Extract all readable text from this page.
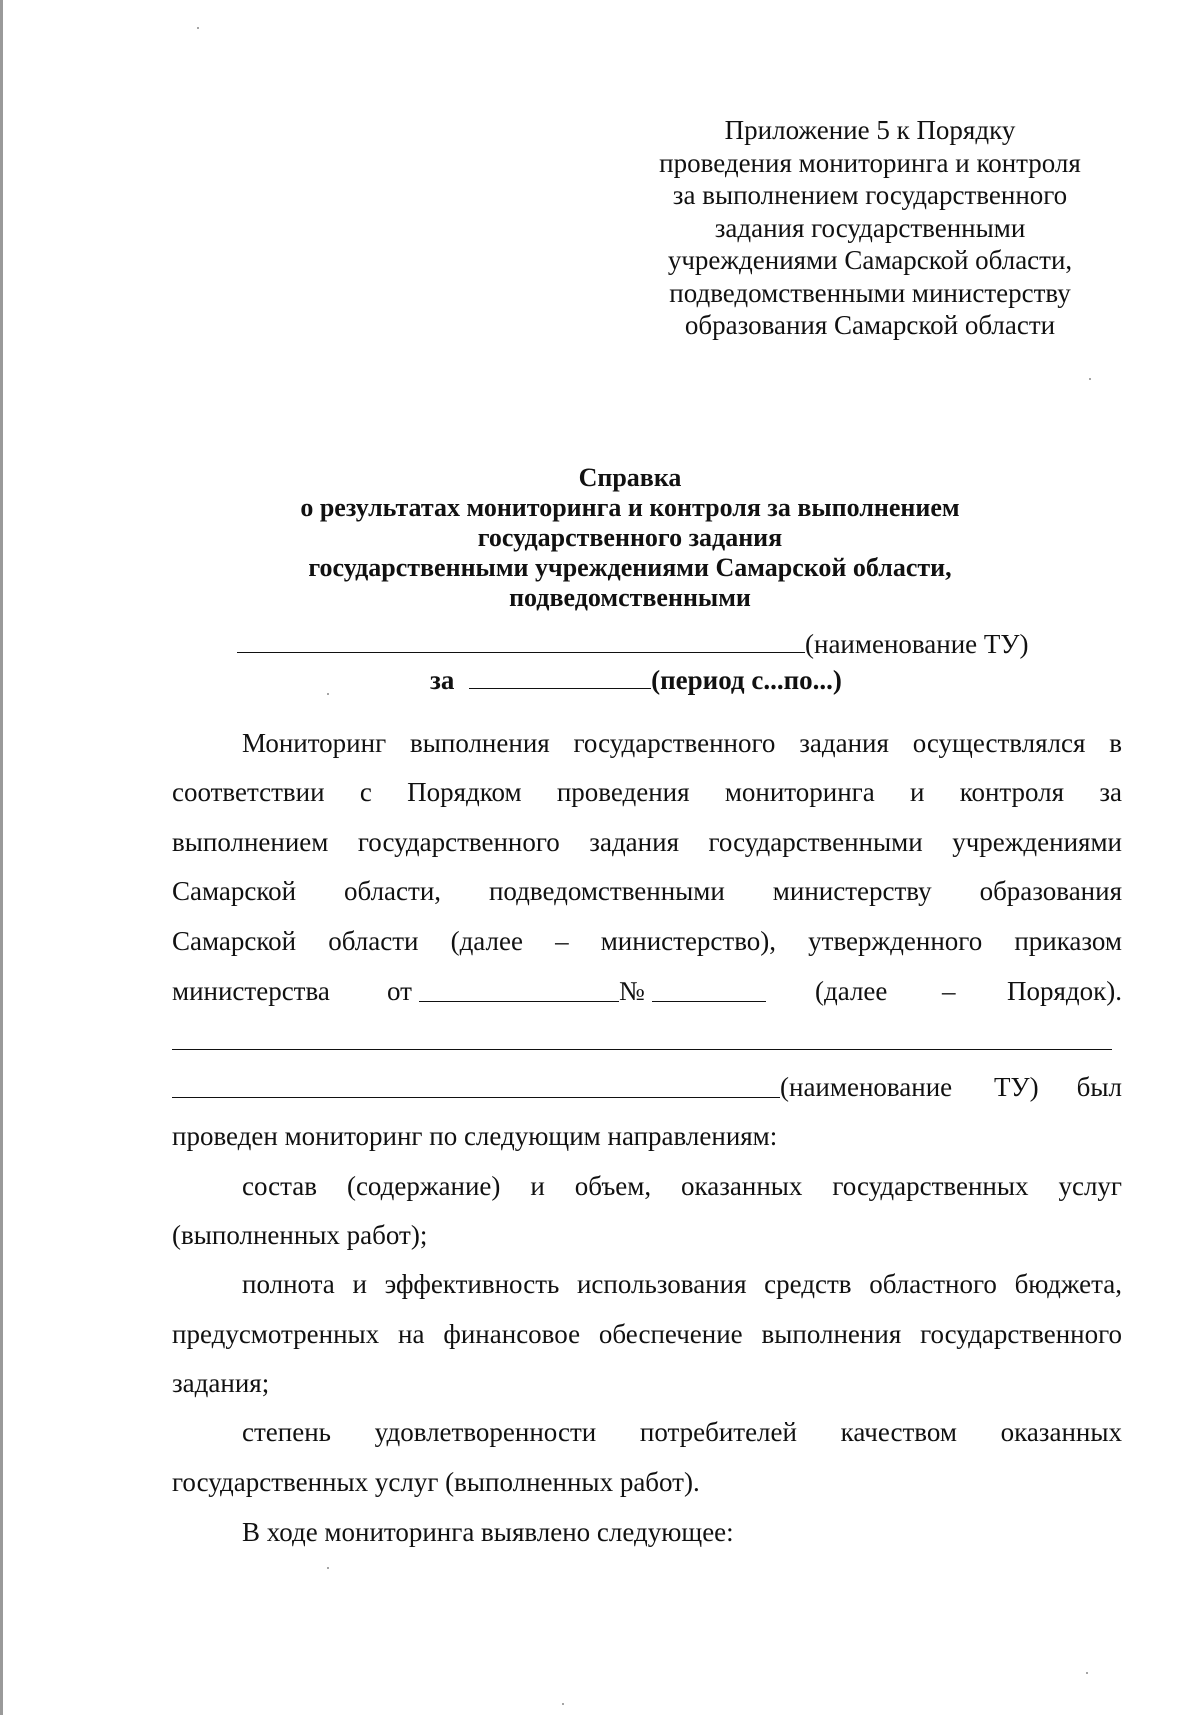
Приложение 5 к Порядку
проведения мониторинга и контроля
за выполнением государственного
задания государственными
учреждениями Самарской области,
подведомственными министерству
образования Самарской области
Справка
о результатах мониторинга и контроля за выполнением
государственного задания
государственными учреждениями Самарской области,
подведомственными
(наименование ТУ)
за	(период с...по...)
Мониторинг выполнения государственного задания осуществлялся в
соответствии с Порядком проведения мониторинга и контроля за
выполнением государственного задания государственными учреждениями
Самарской области, подведомственными министерству образования
Самарской области (далее – министерство), утвержденного приказом
министерства от	№	(далее – Порядок).
(наименование ТУ) был
проведен мониторинг по следующим направлениям:
состав (содержание) и объем, оказанных государственных услуг
(выполненных работ);
полнота и эффективность использования средств областного бюджета,
предусмотренных на финансовое обеспечение выполнения государственного
задания;
степень удовлетворенности потребителей качеством оказанных
государственных услуг (выполненных работ).
В ходе мониторинга выявлено следующее:
